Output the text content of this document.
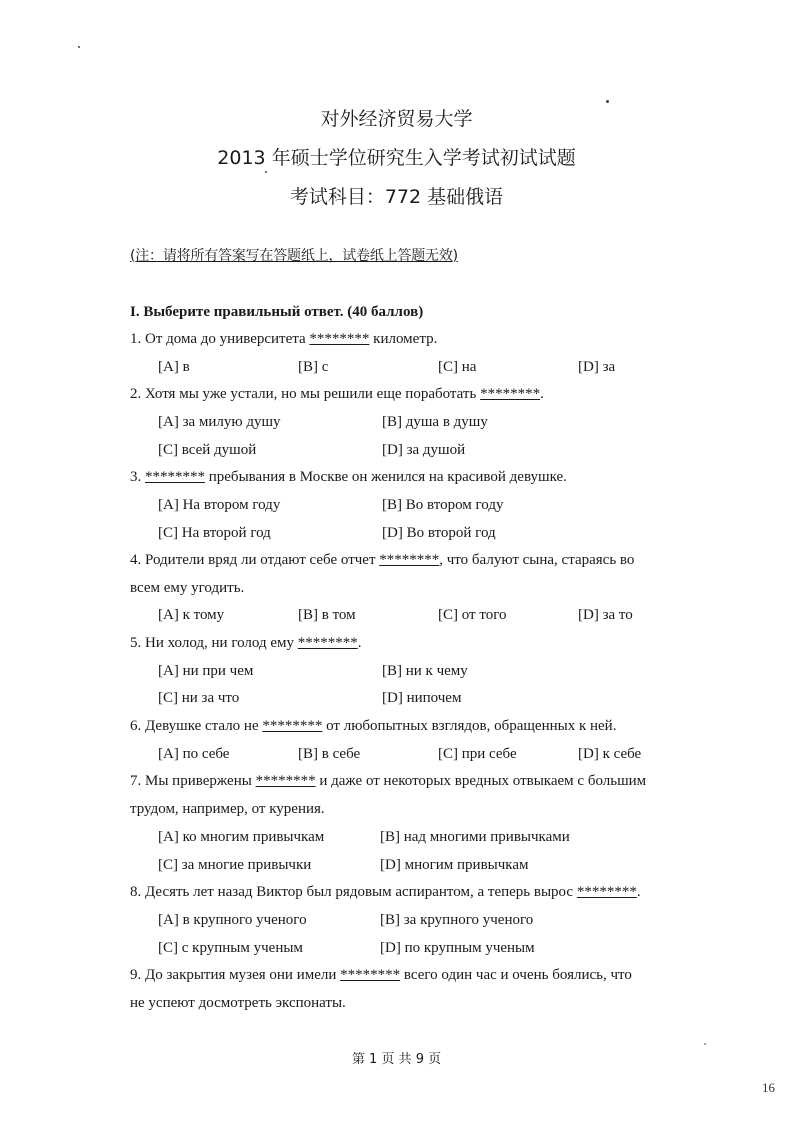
对外经济贸易大学
2013 年硕士学位研究生入学考试初试试题
考试科目：772 基础俄语
(注：请将所有答案写在答题纸上，试卷纸上答题无效)
I. Выберите правильный ответ. (40 баллов)
1. От дома до университета ******** километр.
[A] в	[B] с	[C] на	[D] за
2. Хотя мы уже устали, но мы решили еще поработать ********.
[A] за милую душу	[B] душа в душу
[C] всей душой	[D] за душой
3. ******** пребывания в Москве он женился на красивой девушке.
[A] На втором году	[B] Во втором году
[C] На второй год	[D] Во второй год
4. Родители вряд ли отдают себе отчет ********, что балуют сына, стараясь во
всем ему угодить.
[A] к тому	[B] в том	[C] от того	[D] за то
5. Ни холод, ни голод ему ********.
[A] ни при чем	[B] ни к чему
[C] ни за что	[D] нипочем
6. Девушке стало не ******** от любопытных взглядов, обращенных к ней.
[A] по себе	[B] в себе	[C] при себе	[D] к себе
7. Мы привержены ******** и даже от некоторых вредных отвыкаем с большим
трудом, например, от курения.
[A] ко многим привычкам	[B] над многими привычками
[C] за многие привычки	[D] многим привычкам
8. Десять лет назад Виктор был рядовым аспирантом, а теперь вырос ********.
[A] в крупного ученого	[B] за крупного ученого
[C] с крупным ученым	[D] по крупным ученым
9. До закрытия музея они имели ******** всего один час и очень боялись, что
не успеют досмотреть экспонаты.
第 1 页 共 9 页
16
